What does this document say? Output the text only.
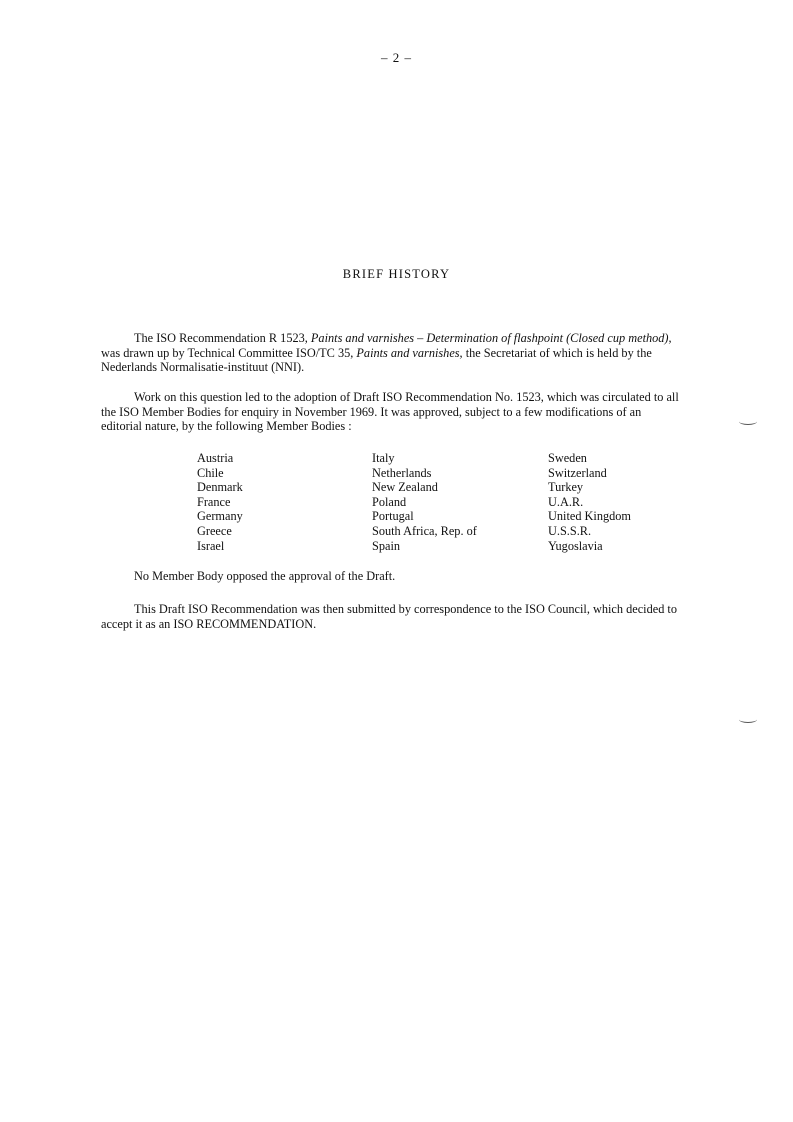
– 2 –
BRIEF HISTORY

The ISO Recommendation R 1523, Paints and varnishes – Determination of flashpoint (Closed cup method), was drawn up by Technical Committee ISO/TC 35, Paints and varnishes, the Secretariat of which is held by the Nederlands Normalisatie-instituut (NNI).

Work on this question led to the adoption of Draft ISO Recommendation No. 1523, which was circulated to all the ISO Member Bodies for enquiry in November 1969. It was approved, subject to a few modifications of an editorial nature, by the following Member Bodies :

Austria
Chile
Denmark
France
Germany
Greece
Israel
Italy
Netherlands
New Zealand
Poland
Portugal
South Africa, Rep. of
Spain
Sweden
Switzerland
Turkey
U.A.R.
United Kingdom
U.S.S.R.
Yugoslavia

No Member Body opposed the approval of the Draft.

This Draft ISO Recommendation was then submitted by correspondence to the ISO Council, which decided to accept it as an ISO RECOMMENDATION.
